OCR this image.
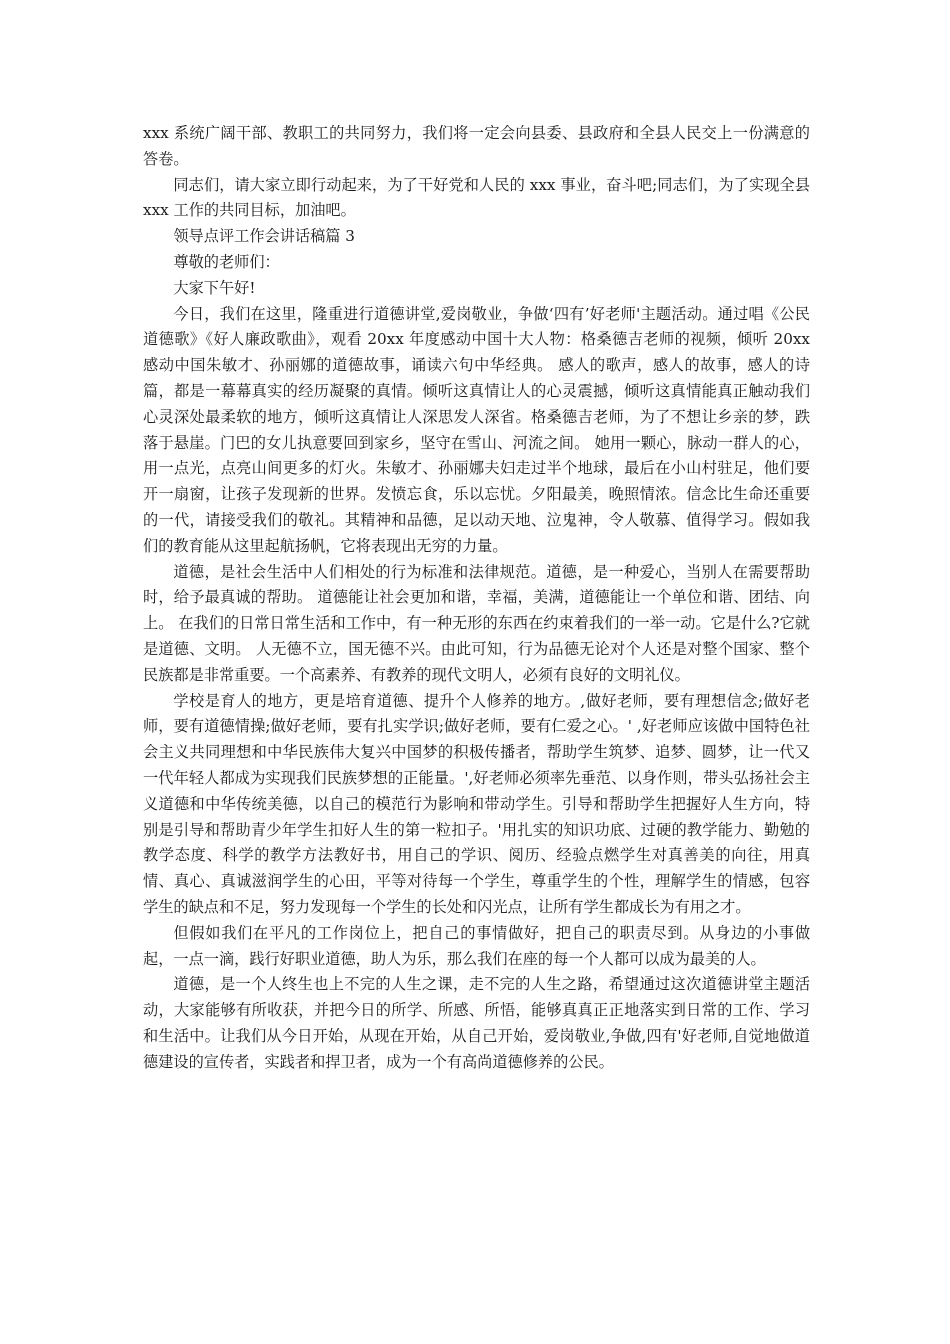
xxx 系统广阔干部、教职工的共同努力，我们将一定会向县委、县政府和全县人民交上一份满意的答卷。

同志们，请大家立即行动起来，为了干好党和人民的 xxx 事业，奋斗吧;同志们，为了实现全县 xxx 工作的共同目标，加油吧。

领导点评工作会讲话稿篇 3

尊敬的老师们：

大家下午好!

今日，我们在这里，隆重进行道德讲堂,爱岗敬业，争做‘四有’好老师'主题活动。通过唱《公民道德歌》《好人廉政歌曲》，观看 20xx 年度感动中国十大人物：格桑德吉老师的视频，倾听 20xx 感动中国朱敏才、孙丽娜的道德故事，诵读六句中华经典。 感人的歌声，感人的故事，感人的诗篇，都是一幕幕真实的经历凝聚的真情。倾听这真情让人的心灵震撼，倾听这真情能真正触动我们心灵深处最柔软的地方，倾听这真情让人深思发人深省。格桑德吉老师，为了不想让乡亲的梦，跌落于悬崖。门巴的女儿执意要回到家乡，坚守在雪山、河流之间。 她用一颗心，脉动一群人的心，用一点光，点亮山间更多的灯火。朱敏才、孙丽娜夫妇走过半个地球，最后在小山村驻足，他们要开一扇窗，让孩子发现新的世界。发愤忘食，乐以忘忧。夕阳最美，晚照情浓。信念比生命还重要的一代，请接受我们的敬礼。其精神和品德，足以动天地、泣鬼神，令人敬慕、值得学习。假如我们的教育能从这里起航扬帆，它将表现出无穷的力量。

道德，是社会生活中人们相处的行为标准和法律规范。道德，是一种爱心，当别人在需要帮助时，给予最真诚的帮助。 道德能让社会更加和谐，幸福，美满，道德能让一个单位和谐、团结、向上。 在我们的日常日常生活和工作中，有一种无形的东西在约束着我们的一举一动。它是什么?它就是道德、文明。 人无德不立，国无德不兴。由此可知，行为品德无论对个人还是对整个国家、整个民族都是非常重要。一个高素养、有教养的现代文明人，必须有良好的文明礼仪。

学校是育人的地方，更是培育道德、提升个人修养的地方。,做好老师，要有理想信念;做好老师，要有道德情操;做好老师，要有扎实学识;做好老师，要有仁爱之心。' ,好老师应该做中国特色社会主义共同理想和中华民族伟大复兴中国梦的积极传播者，帮助学生筑梦、追梦、圆梦，让一代又一代年轻人都成为实现我们民族梦想的正能量。',好老师必须率先垂范、以身作则，带头弘扬社会主义道德和中华传统美德，以自己的模范行为影响和带动学生。引导和帮助学生把握好人生方向，特别是引导和帮助青少年学生扣好人生的第一粒扣子。'用扎实的知识功底、过硬的教学能力、勤勉的教学态度、科学的教学方法教好书，用自己的学识、阅历、经验点燃学生对真善美的向往，用真情、真心、真诚滋润学生的心田，平等对待每一个学生，尊重学生的个性，理解学生的情感，包容学生的缺点和不足，努力发现每一个学生的长处和闪光点，让所有学生都成长为有用之才。

但假如我们在平凡的工作岗位上，把自己的事情做好，把自己的职责尽到。从身边的小事做起，一点一滴，践行好职业道德，助人为乐，那么我们在座的每一个人都可以成为最美的人。

道德，是一个人终生也上不完的人生之课，走不完的人生之路，希望通过这次道德讲堂主题活动，大家能够有所收获，并把今日的所学、所感、所悟，能够真真正正地落实到日常的工作、学习和生活中。让我们从今日开始，从现在开始，从自己开始，爱岗敬业,争做,四有'好老师,自觉地做道德建设的宣传者，实践者和捍卫者，成为一个有高尚道德修养的公民。
